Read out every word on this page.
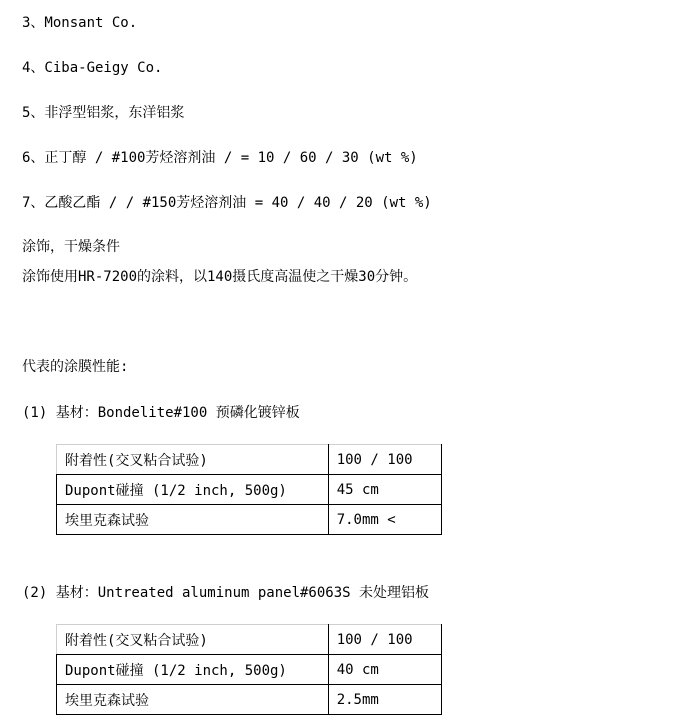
3、Monsant Co.
4、Ciba-Geigy Co.
5、非浮型铝浆，东洋铝浆
6、正丁醇 / #100芳烃溶剂油 / = 10 / 60 / 30 (wt %)
7、乙酸乙酯 / / #150芳烃溶剂油 = 40 / 40 / 20 (wt %)
涂饰，干燥条件
涂饰使用HR-7200的涂料，以140摄氏度高温使之干燥30分钟。
代表的涂膜性能:
(1) 基材：Bondelite#100 预磷化镀锌板
附着性(交叉粘合试验)	100 / 100
Dupont碰撞 (1/2 inch, 500g)	45 cm
埃里克森试验	7.0mm <
(2) 基材：Untreated aluminum panel#6063S 未处理铝板
附着性(交叉粘合试验)	100 / 100
Dupont碰撞 (1/2 inch, 500g)	40 cm
埃里克森试验	2.5mm
